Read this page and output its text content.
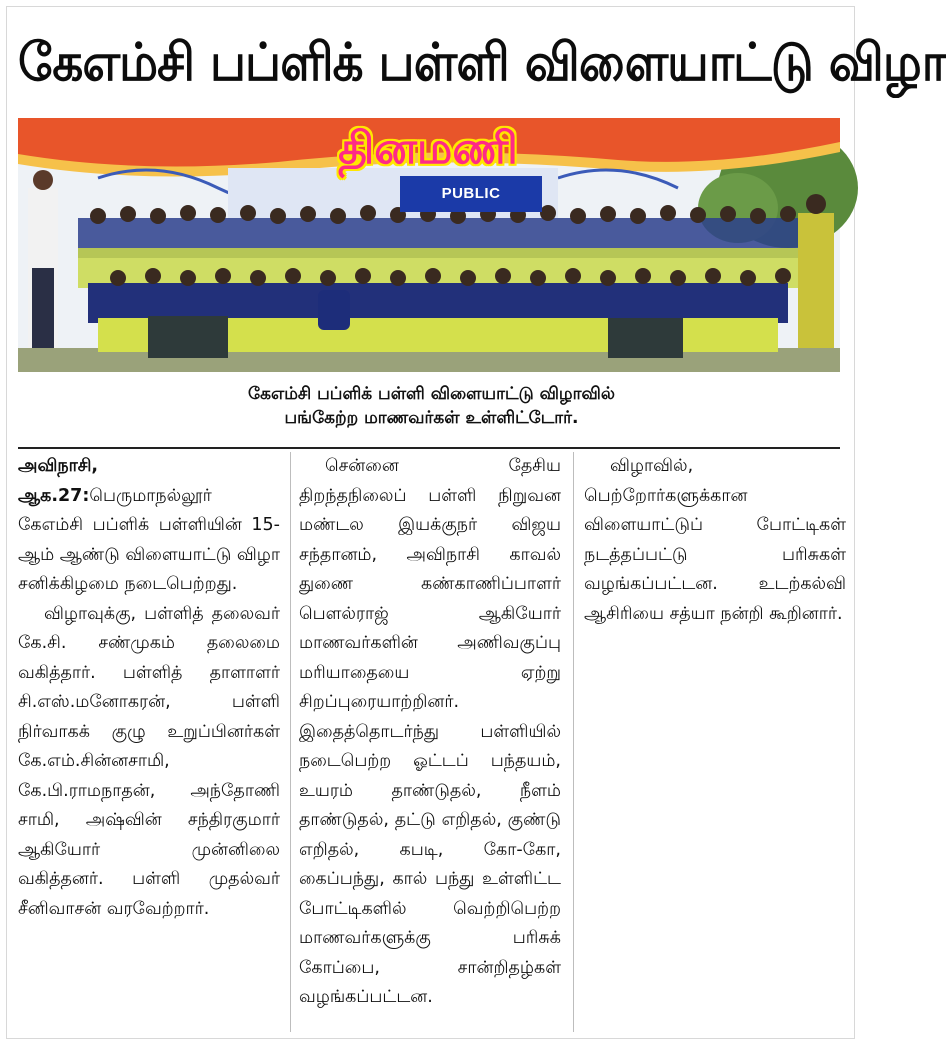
கேஎம்சி பப்ளிக் பள்ளி விளையாட்டு விழா
தினமணி
PUBLIC
கேஎம்சி பப்ளிக் பள்ளி விளையாட்டு விழாவில்
பங்கேற்ற மாணவர்கள் உள்ளிட்டோர்.

அவிநாசி, ஆக.27:பெருமாநல்லூர் கேஎம்சி பப்ளிக் பள்ளியின் 15-ஆம் ஆண்டு விளையாட்டு விழா சனிக்கிழமை நடைபெற்றது.

விழாவுக்கு, பள்ளித் தலைவர் கே.சி. சண்முகம் தலைமை வகித்தார். பள்ளித் தாளாளர் சி.எஸ்.மனோகரன், பள்ளி நிர்வாகக் குழு உறுப்பினர்கள் கே.எம்.சின்னசாமி, கே.பி.ராமநாதன், அந்தோணி சாமி, அஷ்வின் சந்திரகுமார் ஆகியோர் முன்னிலை வகித்தனர். பள்ளி முதல்வர் சீனிவாசன் வரவேற்றார்.

சென்னை தேசிய திறந்தநிலைப் பள்ளி நிறுவன மண்டல இயக்குநர் விஜய சந்தானம், அவிநாசி காவல் துணை கண்காணிப்பாளர் பௌல்ராஜ் ஆகியோர் மாணவர்களின் அணிவகுப்பு மரியாதையை ஏற்று சிறப்புரையாற்றினர். இதைத்தொடர்ந்து பள்ளியில் நடைபெற்ற ஓட்டப் பந்தயம், உயரம் தாண்டுதல், நீளம் தாண்டுதல், தட்டு எறிதல், குண்டு எறிதல், கபடி, கோ-கோ, கைப்பந்து, கால் பந்து உள்ளிட்ட போட்டிகளில் வெற்றிபெற்ற மாணவர்களுக்கு பரிசுக் கோப்பை, சான்றிதழ்கள் வழங்கப்பட்டன.

விழாவில், பெற்றோர்களுக்கான விளையாட்டுப் போட்டிகள் நடத்தப்பட்டு பரிசுகள் வழங்கப்பட்டன. உடற்கல்வி ஆசிரியை சத்யா நன்றி கூறினார்.
